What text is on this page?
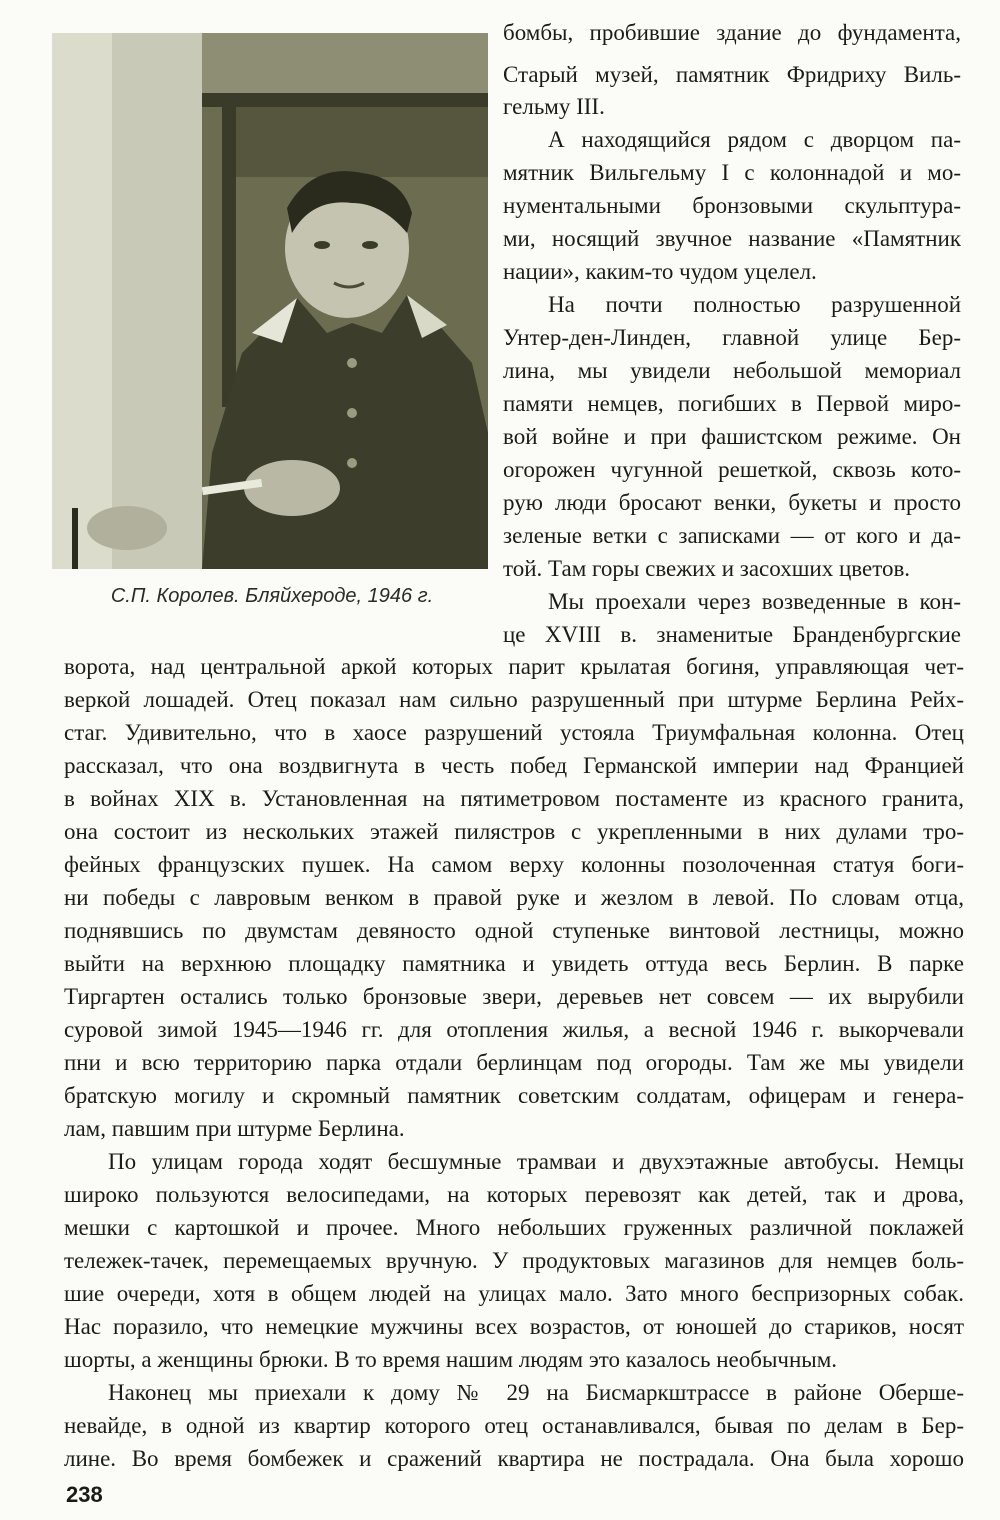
С.П. Королев. Бляйхероде, 1946 г.
бомбы, пробившие здание до фундамента,
Старый музей, памятник Фридриху Виль-
гельму III.
А находящийся рядом с дворцом па-
мятник Вильгельму I с колоннадой и мо-
нументальными бронзовыми скульптура-
ми, носящий звучное название «Памятник
нации», каким-то чудом уцелел.
На почти полностью разрушенной
Унтер-ден-Линден, главной улице Бер-
лина, мы увидели небольшой мемориал
памяти немцев, погибших в Первой миро-
вой войне и при фашистском режиме. Он
огорожен чугунной решеткой, сквозь кото-
рую люди бросают венки, букеты и просто
зеленые ветки с записками — от кого и да-
той. Там горы свежих и засохших цветов.
Мы проехали через возведенные в кон-
це XVIII в. знаменитые Бранденбургские
ворота, над центральной аркой которых парит крылатая богиня, управляющая чет-
веркой лошадей. Отец показал нам сильно разрушенный при штурме Берлина Рейх-
стаг. Удивительно, что в хаосе разрушений устояла Триумфальная колонна. Отец
рассказал, что она воздвигнута в честь побед Германской империи над Францией
в войнах XIX в. Установленная на пятиметровом постаменте из красного гранита,
она состоит из нескольких этажей пилястров с укрепленными в них дулами тро-
фейных французских пушек. На самом верху колонны позолоченная статуя боги-
ни победы с лавровым венком в правой руке и жезлом в левой. По словам отца,
поднявшись по двумстам девяносто одной ступеньке винтовой лестницы, можно
выйти на верхнюю площадку памятника и увидеть оттуда весь Берлин. В парке
Тиргартен остались только бронзовые звери, деревьев нет совсем — их вырубили
суровой зимой 1945—1946 гг. для отопления жилья, а весной 1946 г. выкорчевали
пни и всю территорию парка отдали берлинцам под огороды. Там же мы увидели
братскую могилу и скромный памятник советским солдатам, офицерам и генера-
лам, павшим при штурме Берлина.
По улицам города ходят бесшумные трамваи и двухэтажные автобусы. Немцы
широко пользуются велосипедами, на которых перевозят как детей, так и дрова,
мешки с картошкой и прочее. Много небольших груженных различной поклажей
тележек-тачек, перемещаемых вручную. У продуктовых магазинов для немцев боль-
шие очереди, хотя в общем людей на улицах мало. Зато много беспризорных собак.
Нас поразило, что немецкие мужчины всех возрастов, от юношей до стариков, носят
шорты, а женщины брюки. В то время нашим людям это казалось необычным.
Наконец мы приехали к дому № 29 на Бисмаркштрассе в районе Оберше-
невайде, в одной из квартир которого отец останавливался, бывая по делам в Бер-
лине. Во время бомбежек и сражений квартира не пострадала. Она была хорошо
238
